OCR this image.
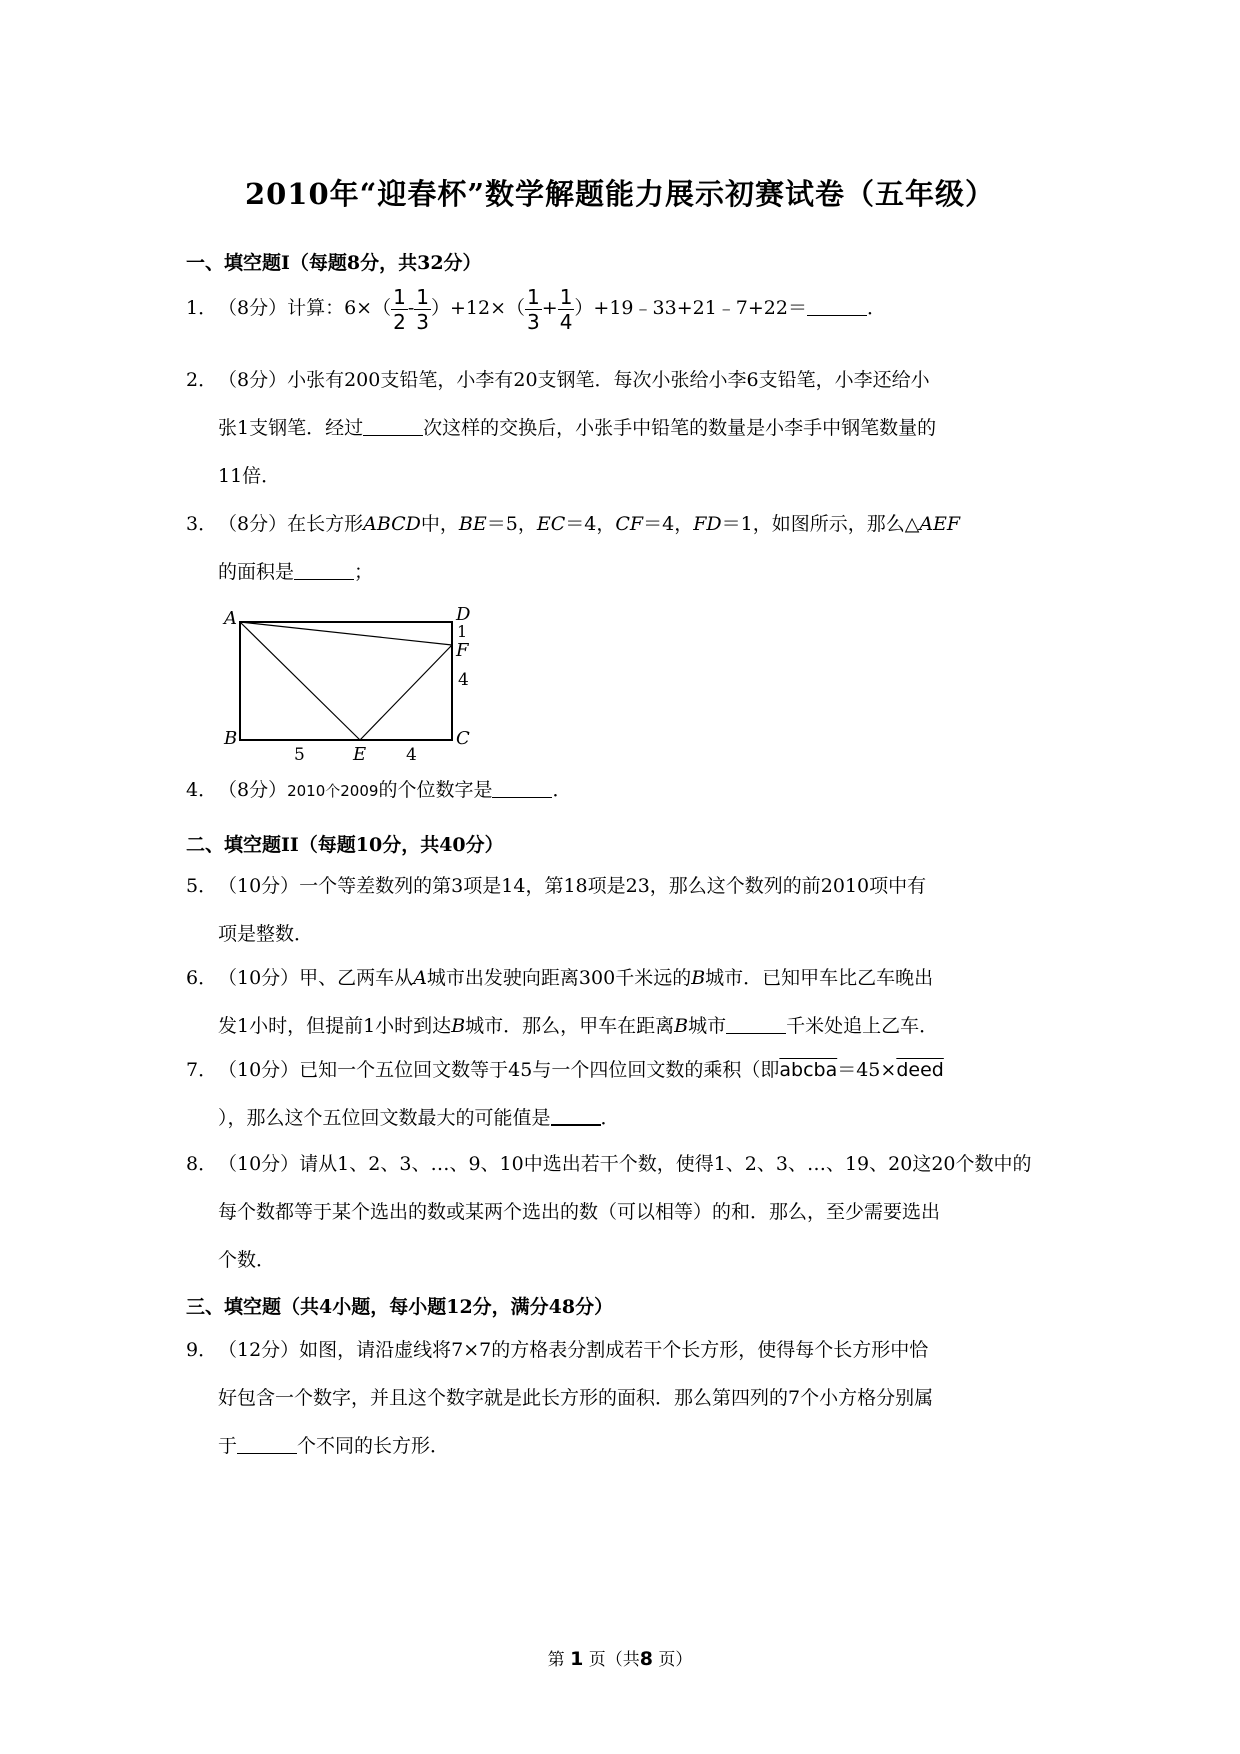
2010年“迎春杯”数学解题能力展示初赛试卷（五年级）
一、填空题Ⅰ（每题8分，共32分）
1．（8分）计算：$6\times( \frac{1}{2} - \frac{1}{3} )+12\times( \frac{1}{3} + \frac{1}{4}$ ）+19﹣33+21﹣7+22＝	．
2．（8分）小张有200支铅笔，小李有20支钢笔．每次小张给小李6支铅笔，小李还给小
张1支钢笔．经过	次这样的交换后，小张手中铅笔的数量是小李手中钢笔数量的
11倍．
3．（8分）在长方形ABCD中，BE＝5，EC＝4，CF＝4，FD＝1，如图所示，那么△AEF
的面积是	；
A	D
1
F
4
C
B
E
5	4
4．（8分）2010个2009的个位数字是	．
二、填空题II（每题10分，共40分）
5．（10分）一个等差数列的第3项是14，第18项是23，那么这个数列的前2010项中有
项是整数．
6．（10分）甲、乙两车从A城市出发驶向距离300千米远的B城市．已知甲车比乙车晚出
发1小时，但提前1小时到达B城市．那么，甲车在距离B城市	千米处追上乙车．
7．（10分）已知一个五位回文数等于45与一个四位回文数的乘积（即abcba＝45×deed
），那么这个五位回文数最大的可能值是	．
8．（10分）请从1、2、3、…、9、10中选出若干个数，使得1、2、3、…、19、20这20个数中的
每个数都等于某个选出的数或某两个选出的数（可以相等）的和．那么，至少需要选出
个数．
三、填空题（共4小题，每小题12分，满分48分）
9．（12分）如图，请沿虚线将7×7的方格表分割成若干个长方形，使得每个长方形中恰
好包含一个数字，并且这个数字就是此长方形的面积．那么第四列的7个小方格分别属
于	个不同的长方形．
第 1 页（共8 页）
